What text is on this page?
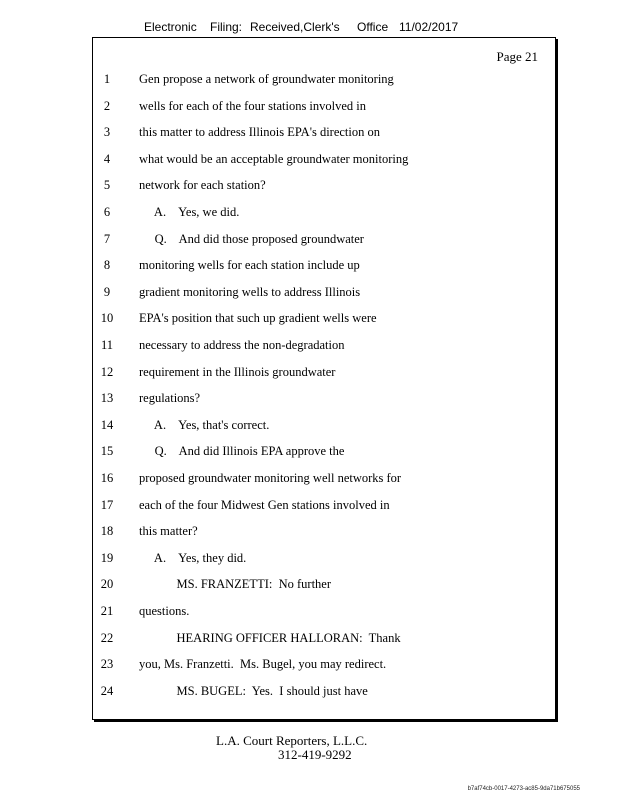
Electronic Filing: Received,Clerk's Office 11/02/2017
Page 21
1	Gen propose a network of groundwater monitoring
2	wells for each of the four stations involved in
3	this matter to address Illinois EPA's direction on
4	what would be an acceptable groundwater monitoring
5	network for each station?
6	A.    Yes, we did.
7	Q.    And did those proposed groundwater
8	monitoring wells for each station include up
9	gradient monitoring wells to address Illinois
10	EPA's position that such up gradient wells were
11	necessary to address the non-degradation
12	requirement in the Illinois groundwater
13	regulations?
14	A.    Yes, that's correct.
15	Q.    And did Illinois EPA approve the
16	proposed groundwater monitoring well networks for
17	each of the four Midwest Gen stations involved in
18	this matter?
19	A.    Yes, they did.
20	MS. FRANZETTI:  No further
21	questions.
22	HEARING OFFICER HALLORAN:  Thank
23	you, Ms. Franzetti.  Ms. Bugel, you may redirect.
24	MS. BUGEL:  Yes.  I should just have
L.A. Court Reporters, L.L.C.
312-419-9292
b7af74cb-0017-4273-ac85-9da71b675055
